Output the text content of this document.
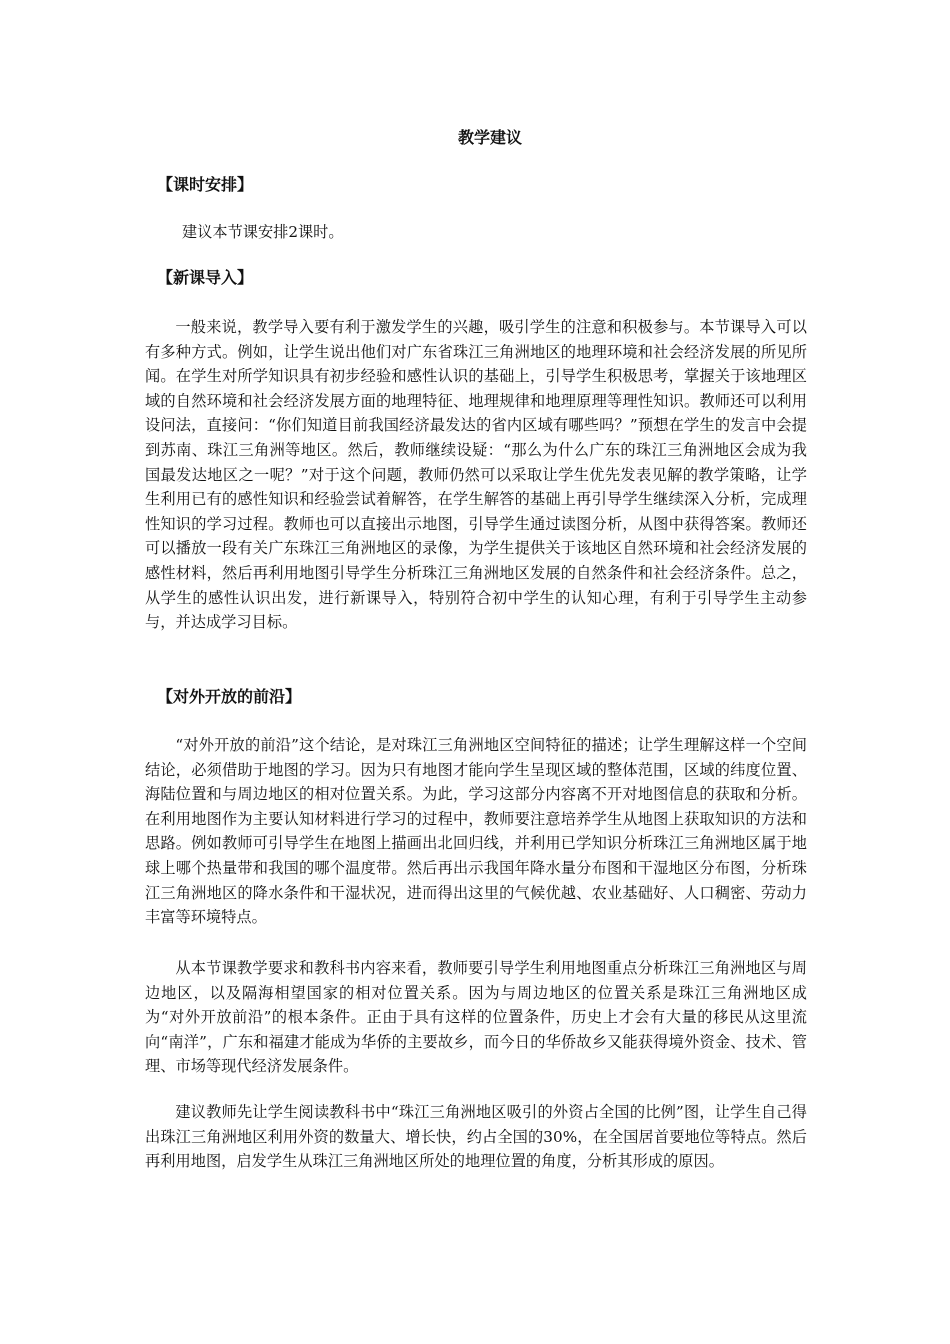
教学建议
【课时安排】
建议本节课安排2课时。
【新课导入】
一般来说，教学导入要有利于激发学生的兴趣，吸引学生的注意和积极参与。本节课导入可以有多种方式。例如，让学生说出他们对广东省珠江三角洲地区的地理环境和社会经济发展的所见所闻。在学生对所学知识具有初步经验和感性认识的基础上，引导学生积极思考，掌握关于该地理区域的自然环境和社会经济发展方面的地理特征、地理规律和地理原理等理性知识。教师还可以利用设问法，直接问：“你们知道目前我国经济最发达的省内区域有哪些吗？”预想在学生的发言中会提到苏南、珠江三角洲等地区。然后，教师继续设疑：“那么为什么广东的珠江三角洲地区会成为我国最发达地区之一呢？”对于这个问题，教师仍然可以采取让学生优先发表见解的教学策略，让学生利用已有的感性知识和经验尝试着解答，在学生解答的基础上再引导学生继续深入分析，完成理性知识的学习过程。教师也可以直接出示地图，引导学生通过读图分析，从图中获得答案。教师还可以播放一段有关广东珠江三角洲地区的录像，为学生提供关于该地区自然环境和社会经济发展的感性材料，然后再利用地图引导学生分析珠江三角洲地区发展的自然条件和社会经济条件。总之，从学生的感性认识出发，进行新课导入，特别符合初中学生的认知心理，有利于引导学生主动参与，并达成学习目标。
【对外开放的前沿】
“对外开放的前沿”这个结论，是对珠江三角洲地区空间特征的描述；让学生理解这样一个空间结论，必须借助于地图的学习。因为只有地图才能向学生呈现区域的整体范围，区域的纬度位置、海陆位置和与周边地区的相对位置关系。为此，学习这部分内容离不开对地图信息的获取和分析。在利用地图作为主要认知材料进行学习的过程中，教师要注意培养学生从地图上获取知识的方法和思路。例如教师可引导学生在地图上描画出北回归线，并利用已学知识分析珠江三角洲地区属于地球上哪个热量带和我国的哪个温度带。然后再出示我国年降水量分布图和干湿地区分布图，分析珠江三角洲地区的降水条件和干湿状况，进而得出这里的气候优越、农业基础好、人口稠密、劳动力丰富等环境特点。
从本节课教学要求和教科书内容来看，教师要引导学生利用地图重点分析珠江三角洲地区与周边地区，以及隔海相望国家的相对位置关系。因为与周边地区的位置关系是珠江三角洲地区成为“对外开放前沿”的根本条件。正由于具有这样的位置条件，历史上才会有大量的移民从这里流向“南洋”，广东和福建才能成为华侨的主要故乡，而今日的华侨故乡又能获得境外资金、技术、管理、市场等现代经济发展条件。
建议教师先让学生阅读教科书中“珠江三角洲地区吸引的外资占全国的比例”图，让学生自己得出珠江三角洲地区利用外资的数量大、增长快，约占全国的30%，在全国居首要地位等特点。然后再利用地图，启发学生从珠江三角洲地区所处的地理位置的角度，分析其形成的原因。
